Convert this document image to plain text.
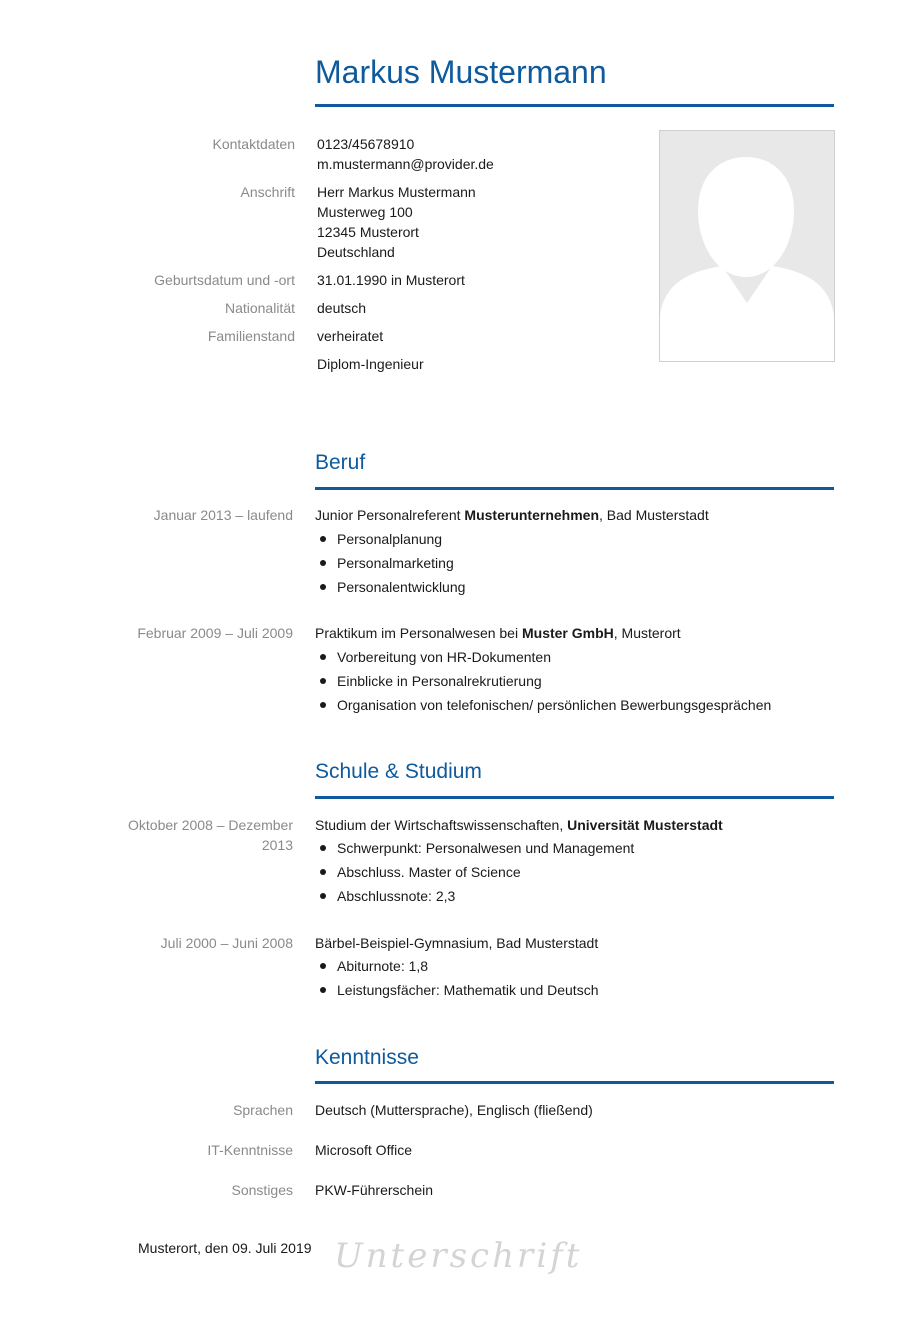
Markus Mustermann
Kontaktdaten 0123/45678910
m.mustermann@provider.de
Anschrift Herr Markus Mustermann
Musterweg 100
12345 Musterort
Deutschland
Geburtsdatum und -ort 31.01.1990 in Musterort
Nationalität deutsch
Familienstand verheiratet
Diplom-Ingenieur
Beruf
Januar 2013 – laufend Junior Personalreferent Musterunternehmen, Bad Musterstadt
Personalplanung
Personalmarketing
Personalentwicklung
Februar 2009 – Juli 2009 Praktikum im Personalwesen bei Muster GmbH, Musterort
Vorbereitung von HR-Dokumenten
Einblicke in Personalrekrutierung
Organisation von telefonischen/ persönlichen Bewerbungsgesprächen
Schule & Studium
Oktober 2008 – Dezember 2013
Studium der Wirtschaftswissenschaften, Universität Musterstadt
Schwerpunkt: Personalwesen und Management
Abschluss. Master of Science
Abschlussnote: 2,3
Juli 2000 – Juni 2008 Bärbel-Beispiel-Gymnasium, Bad Musterstadt
Abiturnote: 1,8
Leistungsfächer: Mathematik und Deutsch
Kenntnisse
Sprachen Deutsch (Muttersprache), Englisch (fließend)
IT-Kenntnisse Microsoft Office
Sonstiges PKW-Führerschein
Musterort, den 09. Juli 2019 Unterschrift
